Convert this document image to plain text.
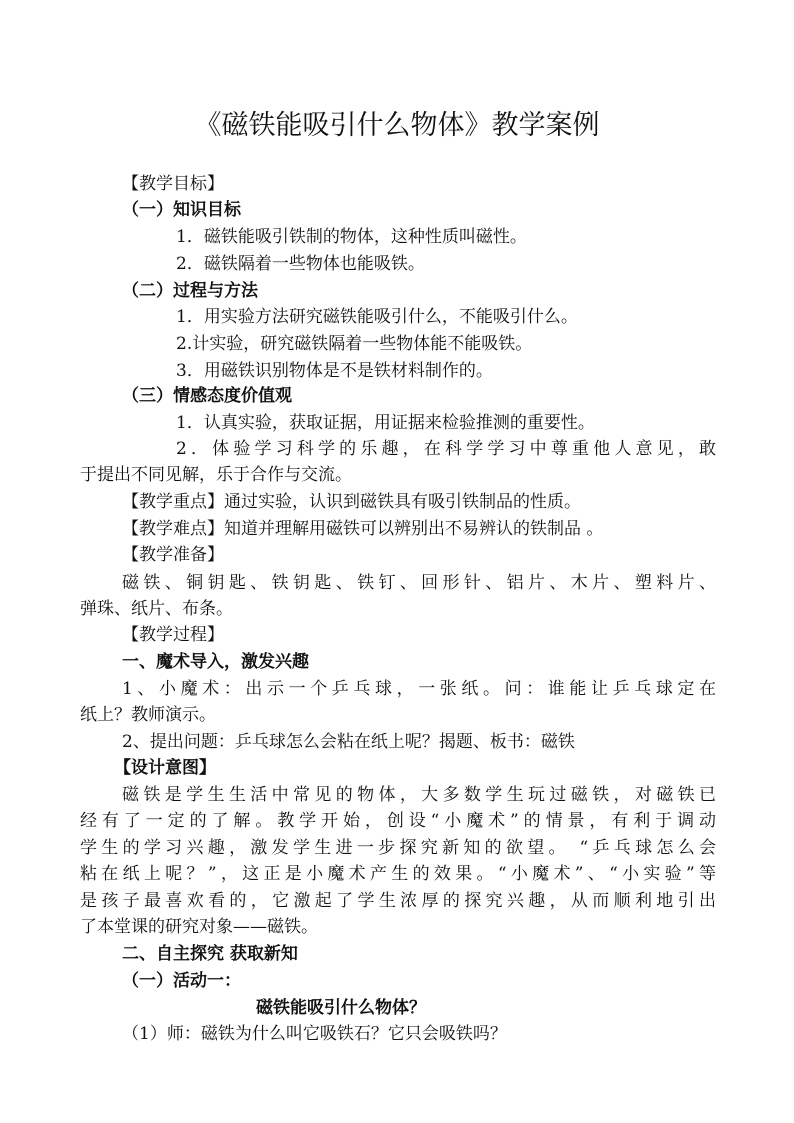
《磁铁能吸引什么物体》教学案例
【教学目标】
（一）知识目标
1．磁铁能吸引铁制的物体，这种性质叫磁性。
2．磁铁隔着一些物体也能吸铁。
（二）过程与方法
1．用实验方法研究磁铁能吸引什么，不能吸引什么。
2.计实验，研究磁铁隔着一些物体能不能吸铁。
3．用磁铁识别物体是不是铁材料制作的。
（三）情感态度价值观
1．认真实验，获取证据，用证据来检验推测的重要性。
2．体验学习科学的乐趣，在科学学习中尊重他人意见，敢
于提出不同见解，乐于合作与交流。
【教学重点】通过实验，认识到磁铁具有吸引铁制品的性质。
【教学难点】知道并理解用磁铁可以辨别出不易辨认的铁制品 。
【教学准备】
磁铁、铜钥匙、铁钥匙、铁钉、回形针、铝片、木片、塑料片、
弹珠、纸片、布条。
【教学过程】
一、魔术导入，激发兴趣
1、小魔术：出示一个乒乓球，一张纸。问：谁能让乒乓球定在
纸上？教师演示。
2、提出问题：乒乓球怎么会粘在纸上呢？揭题、板书：磁铁
【设计意图】
磁铁是学生生活中常见的物体，大多数学生玩过磁铁，对磁铁已
经有了一定的了解。教学开始，创设“小魔术”的情景，有利于调动
学生的学习兴趣，激发学生进一步探究新知的欲望。 “乒乓球怎么会
粘在纸上呢？”，这正是小魔术产生的效果。“小魔术”、“小实验”等
是孩子最喜欢看的，它激起了学生浓厚的探究兴趣，从而顺利地引出
了本堂课的研究对象——磁铁。
二、自主探究 获取新知
（一）活动一：
磁铁能吸引什么物体？
（1）师：磁铁为什么叫它吸铁石？它只会吸铁吗？
